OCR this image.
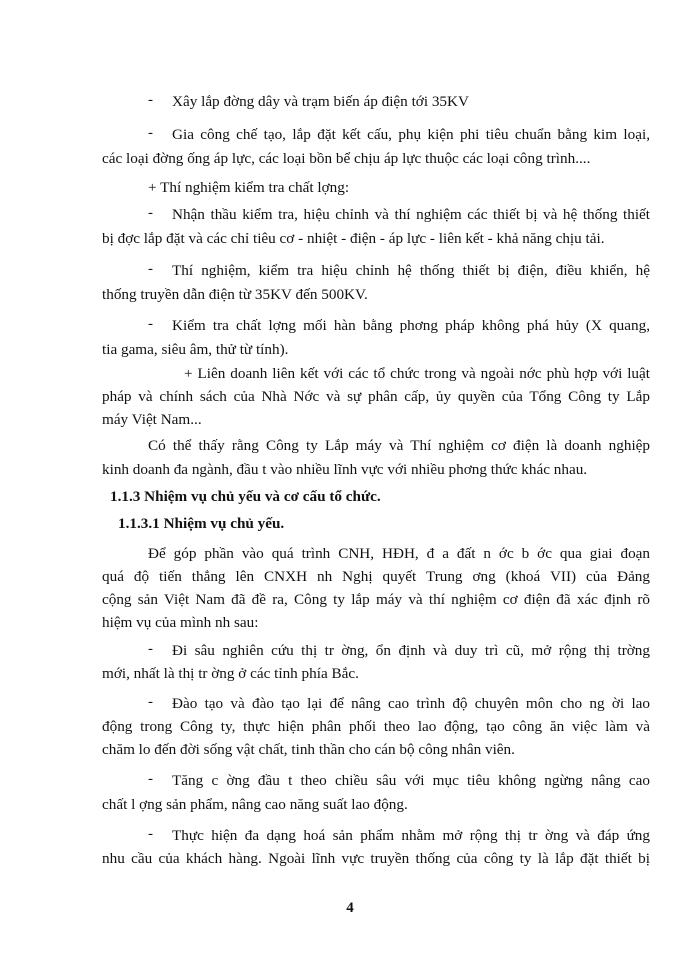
- Xây lắp đờng dây và trạm biến áp điện tới 35KV
- Gia công chế tạo, lắp đặt kết cấu, phụ kiện phi tiêu chuẩn bằng kim loại,
các loại đờng ống áp lực, các loại bồn bể chịu áp lực thuộc các loại công trình....
+ Thí nghiệm kiểm tra chất lợng:
- Nhận thầu kiểm tra, hiệu chỉnh và thí nghiệm các thiết bị và hệ thống thiết
bị đợc lắp đặt và các chỉ tiêu cơ - nhiệt - điện - áp lực - liên kết - khả năng chịu tải.
- Thí nghiệm, kiểm tra hiệu chỉnh hệ thống thiết bị điện, điều khiển, hệ
thống truyền dẫn điện từ 35KV đến 500KV.
- Kiểm tra chất lợng mối hàn bằng phơng pháp không phá hủy (X quang,
tia gama, siêu âm, thử từ tính).
+ Liên doanh liên kết với các tổ chức trong và ngoài nớc phù hợp với luật
pháp và chính sách của Nhà Nớc và sự phân cấp, ủy quyền của Tổng Công ty Lắp
máy Việt Nam...
Có thể thấy rằng Công ty Lắp máy và Thí nghiệm cơ điện là doanh nghiệp
kinh doanh đa ngành, đầu t vào nhiều lĩnh vực với nhiều phơng thức khác nhau.
1.1.3 Nhiệm vụ chủ yếu và cơ cấu tổ chức.
1.1.3.1 Nhiệm vụ chủ yếu.
Để góp phần vào quá trình CNH, HĐH, đ a đất n ớc b ớc qua giai đoạn
quá độ tiến thẳng lên CNXH nh Nghị quyết Trung ơng (khoá VII) của Đảng
cộng sản Việt Nam đã đề ra, Công ty lắp máy và thí nghiệm cơ điện đã xác định rõ
hiệm vụ của mình nh sau:
- Đi sâu nghiên cứu thị tr ờng, ổn định và duy trì cũ, mở rộng thị trờng
mới, nhất là thị tr ờng ở các tỉnh phía Bắc.
- Đào tạo và đào tạo lại để nâng cao trình độ chuyên môn cho ng ời lao
động trong Công ty, thực hiện phân phối theo lao động, tạo công ăn việc làm và
chăm lo đến đời sống vật chất, tinh thần cho cán bộ công nhân viên.
- Tăng c ờng đầu t theo chiều sâu với mục tiêu không ngừng nâng cao
chất l ợng sản phẩm, nâng cao năng suất lao động.
- Thực hiện đa dạng hoá sản phẩm nhằm mở rộng thị tr ờng và đáp ứng
nhu cầu của khách hàng. Ngoài lĩnh vực truyền thống của công ty là lắp đặt thiết bị
4
